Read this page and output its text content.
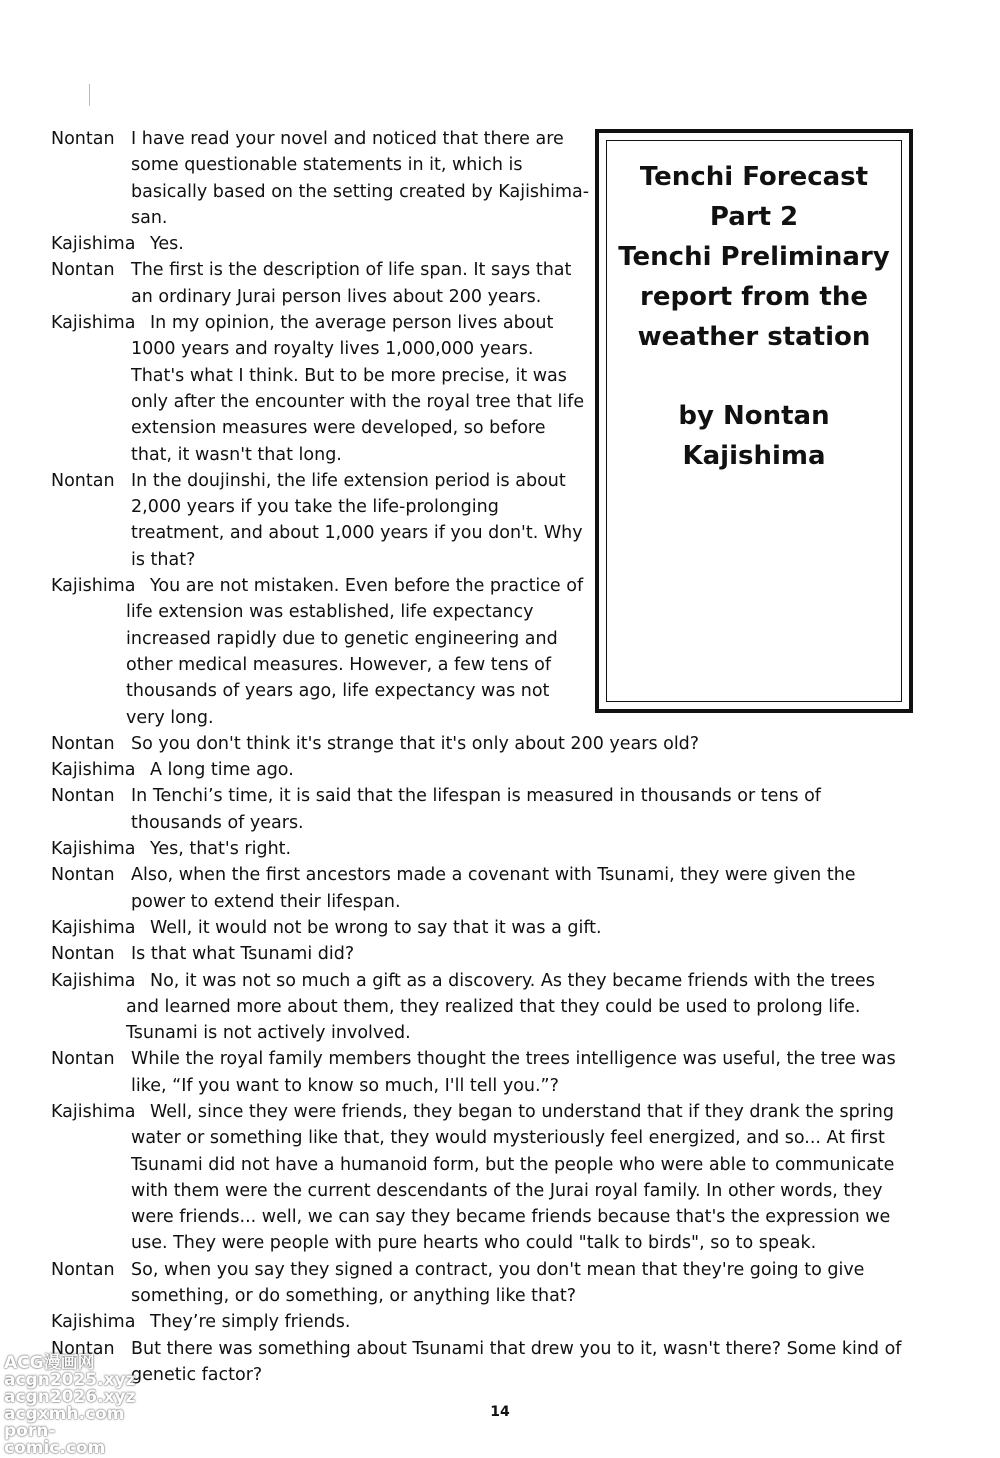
Tenchi Forecast Part 2
Tenchi Preliminary
report from the
weather station
by Nontan
Kajishima
Nontan I have read your novel and noticed that there are some questionable statements in it, which is basically based on the setting created by Kajishima-san.
Kajishima Yes.
Nontan The first is the description of life span. It says that an ordinary Jurai person lives about 200 years.
Kajishima In my opinion, the average person lives about 1000 years and royalty lives 1,000,000 years. That's what I think. But to be more precise, it was only after the encounter with the royal tree that life extension measures were developed, so before that, it wasn't that long.
Nontan In the doujinshi, the life extension period is about 2,000 years if you take the life-prolonging treatment, and about 1,000 years if you don't. Why is that?
Kajishima You are not mistaken. Even before the practice of life extension was established, life expectancy increased rapidly due to genetic engineering and other medical measures. However, a few tens of thousands of years ago, life expectancy was not very long.
Nontan So you don't think it's strange that it's only about 200 years old?
Kajishima A long time ago.
Nontan In Tenchi’s time, it is said that the lifespan is measured in thousands or tens of thousands of years.
Kajishima Yes, that's right.
Nontan Also, when the first ancestors made a covenant with Tsunami, they were given the power to extend their lifespan.
Kajishima Well, it would not be wrong to say that it was a gift.
Nontan Is that what Tsunami did?
Kajishima No, it was not so much a gift as a discovery. As they became friends with the trees and learned more about them, they realized that they could be used to prolong life. Tsunami is not actively involved.
Nontan While the royal family members thought the trees intelligence was useful, the tree was like, “If you want to know so much, I'll tell you.”?
Kajishima Well, since they were friends, they began to understand that if they drank the spring water or something like that, they would mysteriously feel energized, and so... At first Tsunami did not have a humanoid form, but the people who were able to communicate with them were the current descendants of the Jurai royal family. In other words, they were friends... well, we can say they became friends because that's the expression we use. They were people with pure hearts who could "talk to birds", so to speak.
Nontan So, when you say they signed a contract, you don't mean that they're going to give something, or do something, or anything like that?
Kajishima They’re simply friends.
Nontan But there was something about Tsunami that drew you to it, wasn't there? Some kind of genetic factor?
14
ACG漫画网
acgn2025.xyz
acgn2026.xyz
acgxmh.com
porn-comic.com
